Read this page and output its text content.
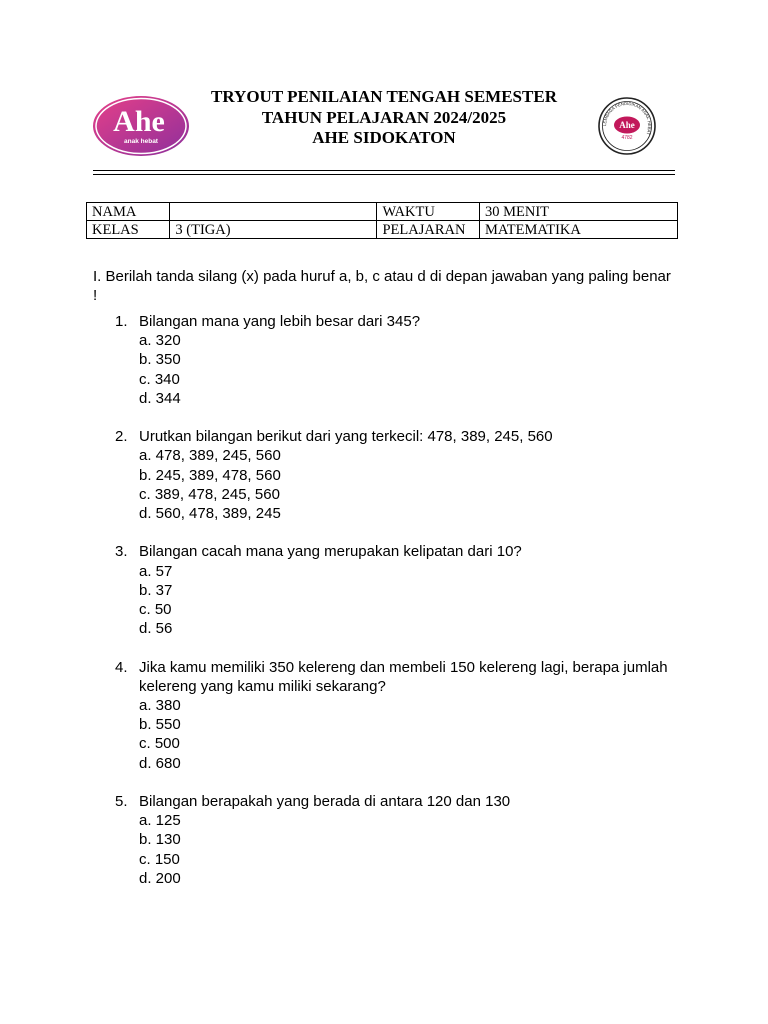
Ahe
anak hebat
TRYOUT PENILAIAN TENGAH SEMESTER
TAHUN PELAJARAN 2024/2025
AHE SIDOKATON
LEMBAGA PENDIDIKAN ANAK HEBAT
Ahe
4782
NAMA		WAKTU	30 MENIT
KELAS	3 (TIGA)	PELAJARAN	MATEMATIKA
I. Berilah tanda silang (x) pada huruf a, b, c atau d di depan jawaban yang paling benar !
1. Bilangan mana yang lebih besar dari 345?
a. 320
b. 350
c. 340
d. 344
2. Urutkan bilangan berikut dari yang terkecil: 478, 389, 245, 560
a. 478, 389, 245, 560
b. 245, 389, 478, 560
c. 389, 478, 245, 560
d. 560, 478, 389, 245
3. Bilangan cacah mana yang merupakan kelipatan dari 10?
a. 57
b. 37
c. 50
d. 56
4. Jika kamu memiliki 350 kelereng dan membeli 150 kelereng lagi, berapa jumlah kelereng yang kamu miliki sekarang?
a. 380
b. 550
c. 500
d. 680
5. Bilangan berapakah yang berada di antara 120 dan 130
a. 125
b. 130
c. 150
d. 200
